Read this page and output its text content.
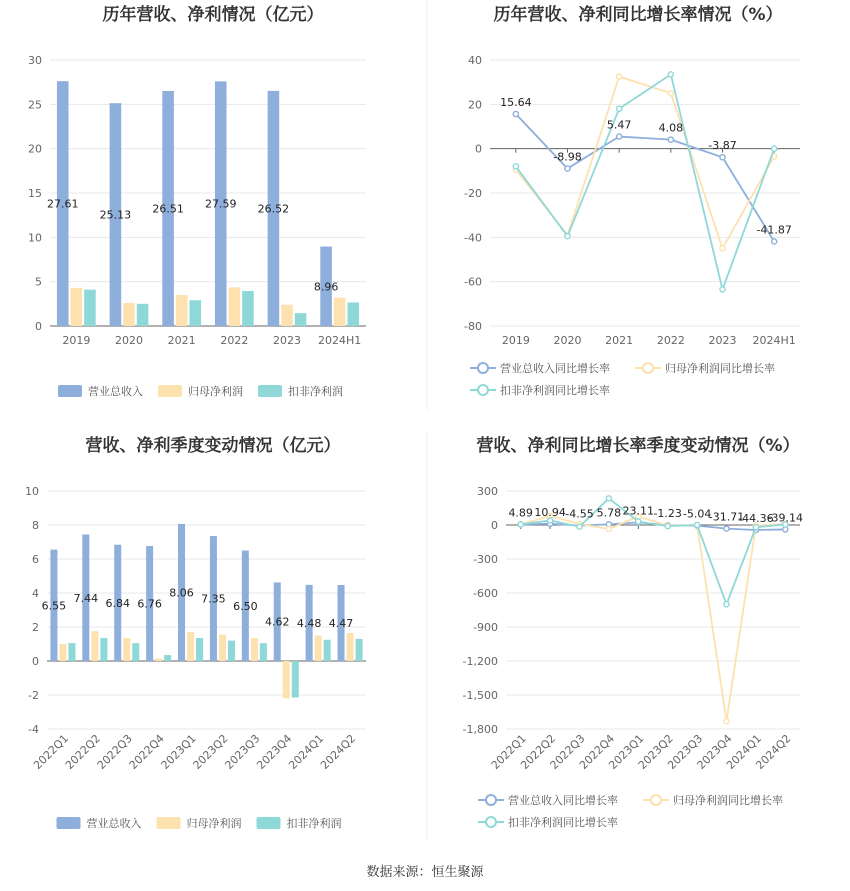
历年营收、净利情况（亿元）	历年营收、净利同比增长率情况（%）
营收、净利季度变动情况（亿元）	营收、净利同比增长率季度变动情况（%）
0
5
10
15
20
25
30
2019 2020 2021 2022 2023 2024H1
27.61
25.13 26.51 27.59 26.52
8.96
-80
-60
-40
-20
0
20
40
2019 2020 2021 2022 2023 2024H1
15.64
-8.98
5.47 4.08
-3.87
-41.87
-4
-2
0
2
4
6
8
10
2022Q1
2022Q2
2022Q3
2022Q4
2023Q1
2023Q2
2023Q3
2023Q4
2024Q1
2024Q2
6.55
7.44 6.84 6.76
8.06 7.35
6.50
4.62 4.48 4.47
-1,800
-1,500
-1,200
-900
-600
-300
0
300
2022Q1
2022Q2
2022Q3
2022Q4
2023Q1
2023Q2
2023Q3
2023Q4
2024Q1
2024Q2
4.89 10.94 -4.55 5.78 23.11 -1.23 -5.04
-31.71
-44.36
-39.14
营业总收入	归母净利润	扣非净利润
营业总收入同比增长率	归母净利润同比增长率
扣非净利润同比增长率
营业总收入	归母净利润	扣非净利润
营业总收入同比增长率	归母净利润同比增长率
扣非净利润同比增长率
数据来源：恒生聚源
